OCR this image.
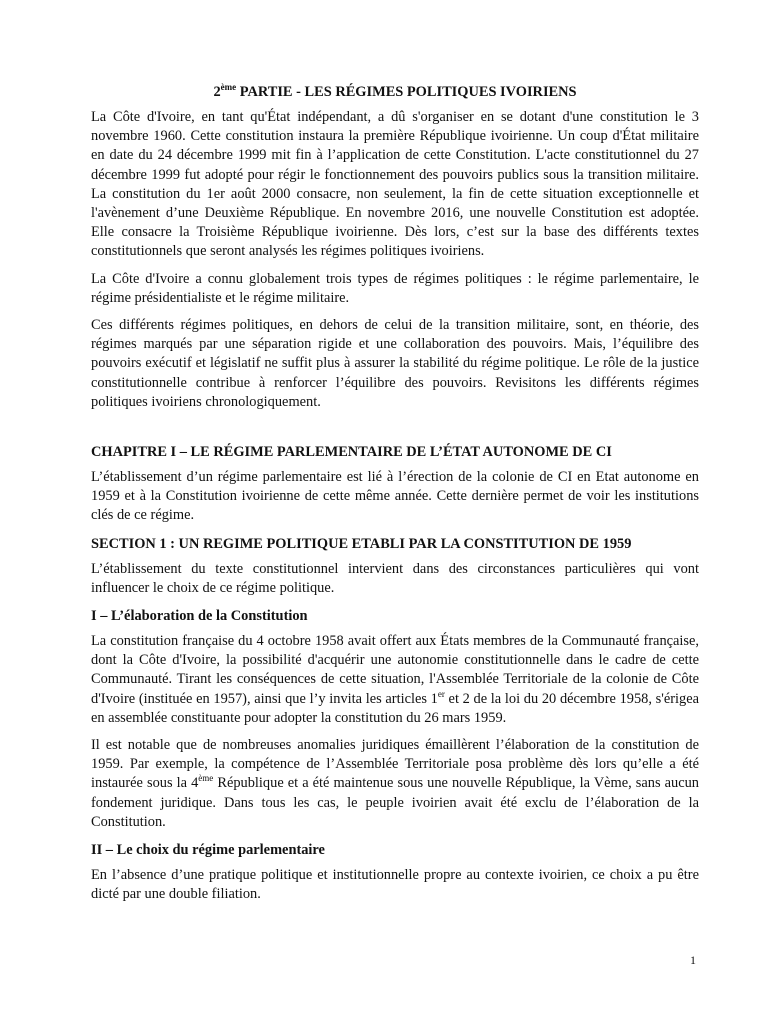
2ème PARTIE - LES RÉGIMES POLITIQUES IVOIRIENS

La Côte d'Ivoire, en tant qu'État indépendant, a dû s'organiser en se dotant d'une constitution le 3 novembre 1960. Cette constitution instaura la première République ivoirienne. Un coup d'État militaire en date du 24 décembre 1999 mit fin à l’application de cette Constitution. L'acte constitutionnel du 27 décembre 1999 fut adopté pour régir le fonctionnement des pouvoirs publics sous la transition militaire. La constitution du 1er août 2000 consacre, non seulement, la fin de cette situation exceptionnelle et l'avènement d’une Deuxième République. En novembre 2016, une nouvelle Constitution est adoptée. Elle consacre la Troisième République ivoirienne. Dès lors, c’est sur la base des différents textes constitutionnels que seront analysés les régimes politiques ivoiriens.

La Côte d'Ivoire a connu globalement trois types de régimes politiques : le régime parlementaire, le régime présidentialiste et le régime militaire.

Ces différents régimes politiques, en dehors de celui de la transition militaire, sont, en théorie, des régimes marqués par une séparation rigide et une collaboration des pouvoirs. Mais, l’équilibre des pouvoirs exécutif et législatif ne suffit plus à assurer la stabilité du régime politique. Le rôle de la justice constitutionnelle contribue à renforcer l’équilibre des pouvoirs. Revisitons les différents régimes politiques ivoiriens chronologiquement.

CHAPITRE I – LE RÉGIME PARLEMENTAIRE DE L’ÉTAT AUTONOME DE CI

L’établissement d’un régime parlementaire est lié à l’érection de la colonie de CI en Etat autonome en 1959 et à la Constitution ivoirienne de cette même année. Cette dernière permet de voir les institutions clés de ce régime.

SECTION 1 : UN REGIME POLITIQUE ETABLI PAR LA CONSTITUTION DE 1959

L’établissement du texte constitutionnel intervient dans des circonstances particulières qui vont influencer le choix de ce régime politique.

I – L’élaboration de la Constitution

La constitution française du 4 octobre 1958 avait offert aux États membres de la Communauté française, dont la Côte d'Ivoire, la possibilité d'acquérir une autonomie constitutionnelle dans le cadre de cette Communauté. Tirant les conséquences de cette situation, l'Assemblée Territoriale de la colonie de Côte d'Ivoire (instituée en 1957), ainsi que l’y invita les articles 1er et 2 de la loi du 20 décembre 1958, s'érigea en assemblée constituante pour adopter la constitution du 26 mars 1959.

Il est notable que de nombreuses anomalies juridiques émaillèrent l’élaboration de la constitution de 1959. Par exemple, la compétence de l’Assemblée Territoriale posa problème dès lors qu’elle a été instaurée sous la 4ème République et a été maintenue sous une nouvelle République, la Vème, sans aucun fondement juridique. Dans tous les cas, le peuple ivoirien avait été exclu de l’élaboration de la Constitution.

II – Le choix du régime parlementaire

En l’absence d’une pratique politique et institutionnelle propre au contexte ivoirien, ce choix a pu être dicté par une double filiation.

1
